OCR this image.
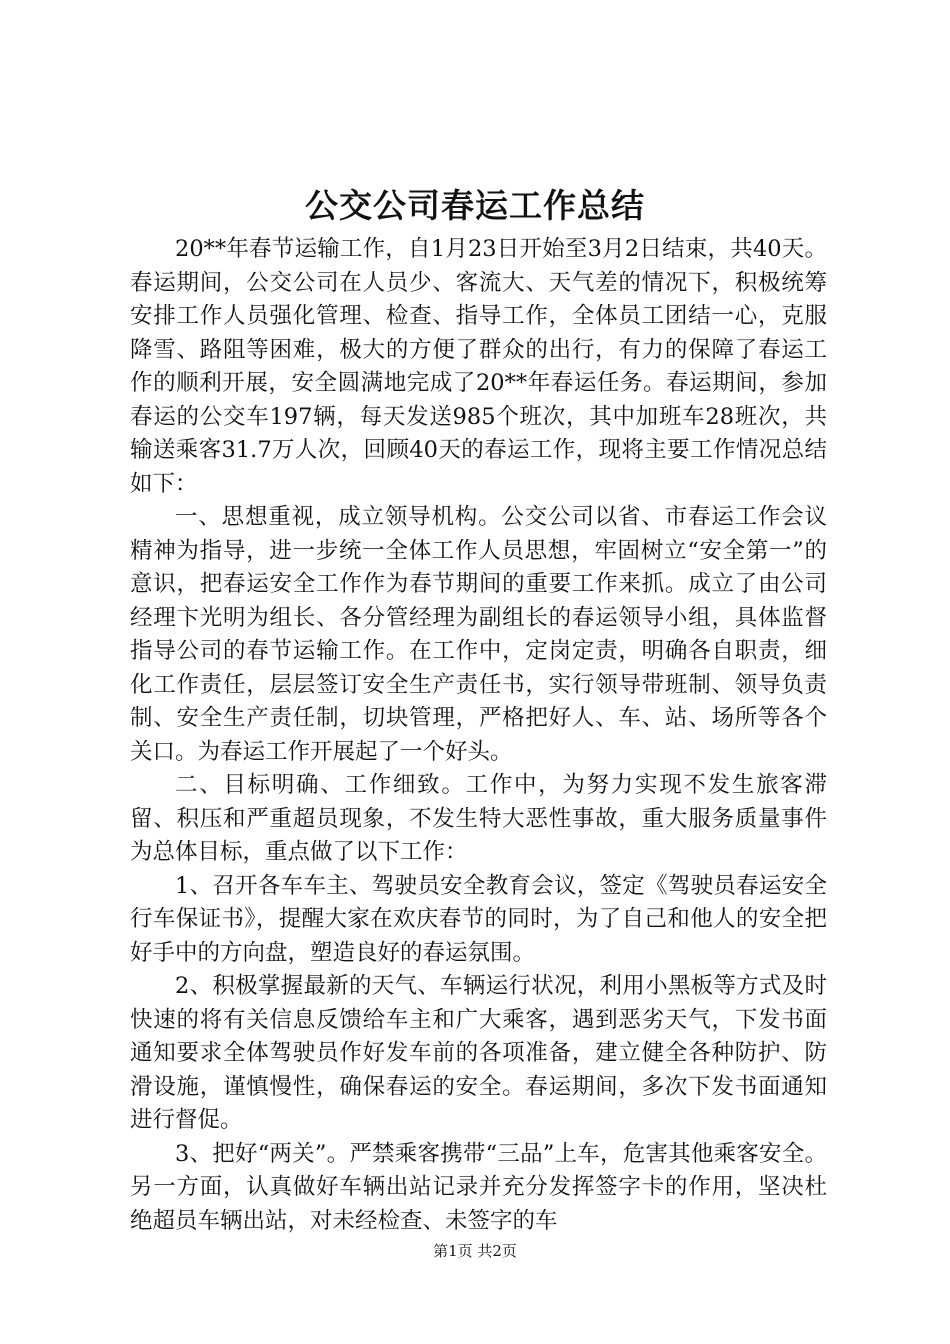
公交公司春运工作总结

20**年春节运输工作，自1月23日开始至3月2日结束，共40天。春运期间，公交公司在人员少、客流大、天气差的情况下，积极统筹安排工作人员强化管理、检查、指导工作，全体员工团结一心，克服降雪、路阻等困难，极大的方便了群众的出行，有力的保障了春运工作的顺利开展，安全圆满地完成了20**年春运任务。春运期间，参加春运的公交车197辆，每天发送985个班次，其中加班车28班次，共输送乘客31.7万人次，回顾40天的春运工作，现将主要工作情况总结如下：

一、思想重视，成立领导机构。公交公司以省、市春运工作会议精神为指导，进一步统一全体工作人员思想，牢固树立“安全第一”的意识，把春运安全工作作为春节期间的重要工作来抓。成立了由公司经理卞光明为组长、各分管经理为副组长的春运领导小组，具体监督指导公司的春节运输工作。在工作中，定岗定责，明确各自职责，细化工作责任，层层签订安全生产责任书，实行领导带班制、领导负责制、安全生产责任制，切块管理，严格把好人、车、站、场所等各个关口。为春运工作开展起了一个好头。

二、目标明确、工作细致。工作中，为努力实现不发生旅客滞留、积压和严重超员现象，不发生特大恶性事故，重大服务质量事件为总体目标，重点做了以下工作：

1、召开各车车主、驾驶员安全教育会议，签定《驾驶员春运安全行车保证书》，提醒大家在欢庆春节的同时，为了自己和他人的安全把好手中的方向盘，塑造良好的春运氛围。

2、积极掌握最新的天气、车辆运行状况，利用小黑板等方式及时快速的将有关信息反馈给车主和广大乘客，遇到恶劣天气，下发书面通知要求全体驾驶员作好发车前的各项准备，建立健全各种防护、防滑设施，谨慎慢性，确保春运的安全。春运期间，多次下发书面通知进行督促。

3、把好“两关”。严禁乘客携带“三品”上车，危害其他乘客安全。另一方面，认真做好车辆出站记录并充分发挥签字卡的作用，坚决杜绝超员车辆出站，对未经检查、未签字的车

第1页 共2页
